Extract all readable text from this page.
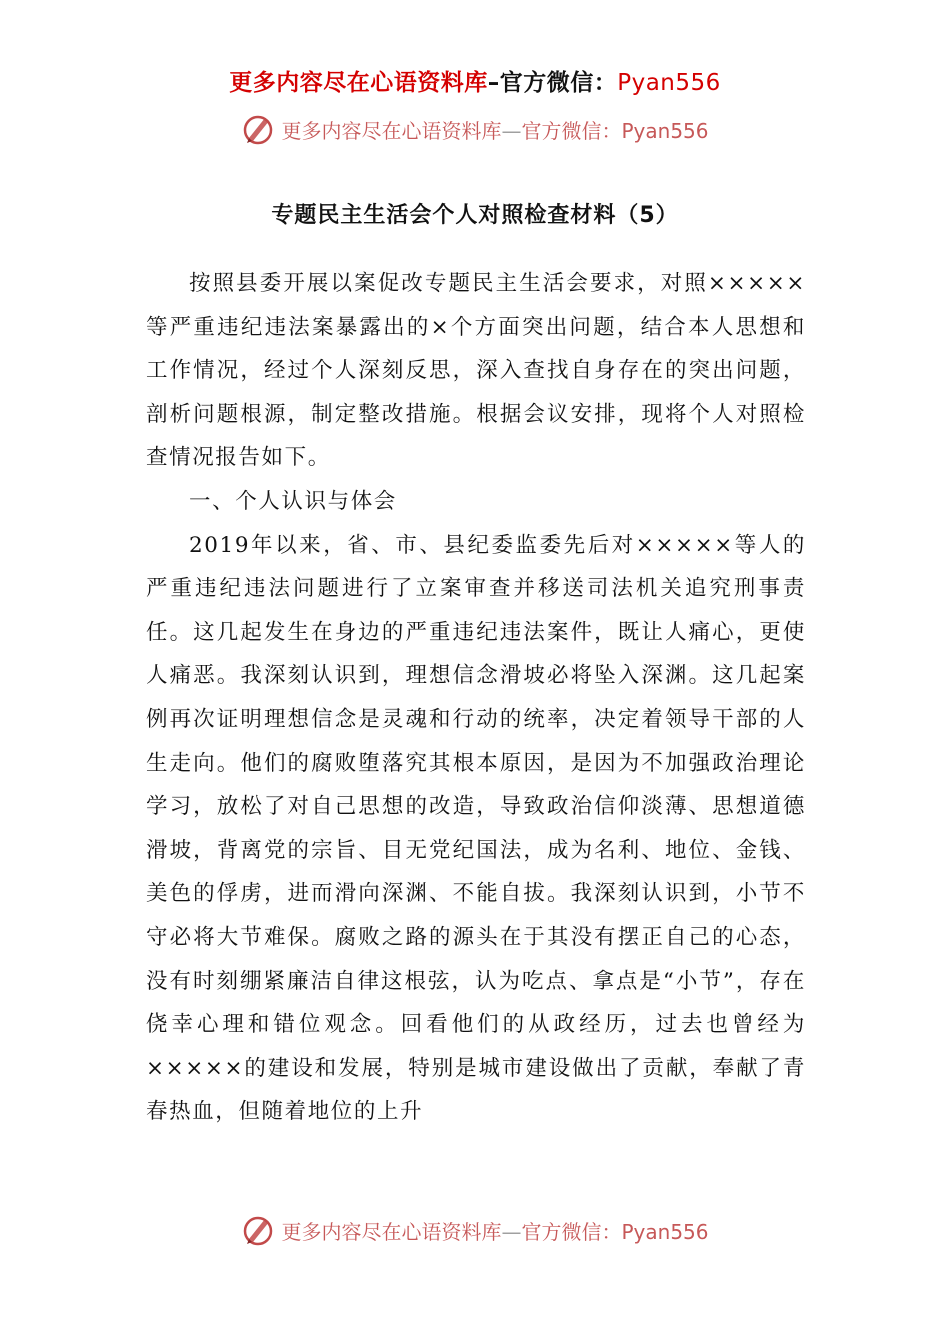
更多内容尽在心语资料库–官方微信：Pyan556
更多内容尽在心语资料库—官方微信：Pyan556
专题民主生活会个人对照检查材料（5）

按照县委开展以案促改专题民主生活会要求，对照×××××等严重违纪违法案暴露出的×个方面突出问题，结合本人思想和工作情况，经过个人深刻反思，深入查找自身存在的突出问题，剖析问题根源，制定整改措施。根据会议安排，现将个人对照检查情况报告如下。

一、个人认识与体会

2019年以来，省、市、县纪委监委先后对×××××等人的严重违纪违法问题进行了立案审查并移送司法机关追究刑事责任。这几起发生在身边的严重违纪违法案件，既让人痛心，更使人痛恶。我深刻认识到，理想信念滑坡必将坠入深渊。这几起案例再次证明理想信念是灵魂和行动的统率，决定着领导干部的人生走向。他们的腐败堕落究其根本原因，是因为不加强政治理论学习，放松了对自己思想的改造，导致政治信仰淡薄、思想道德滑坡，背离党的宗旨、目无党纪国法，成为名利、地位、金钱、美色的俘虏，进而滑向深渊、不能自拔。我深刻认识到，小节不守必将大节难保。腐败之路的源头在于其没有摆正自己的心态，没有时刻绷紧廉洁自律这根弦，认为吃点、拿点是“小节”，存在侥幸心理和错位观念。回看他们的从政经历，过去也曾经为×××××的建设和发展，特别是城市建设做出了贡献，奉献了青春热血，但随着地位的上升

更多内容尽在心语资料库—官方微信：Pyan556
